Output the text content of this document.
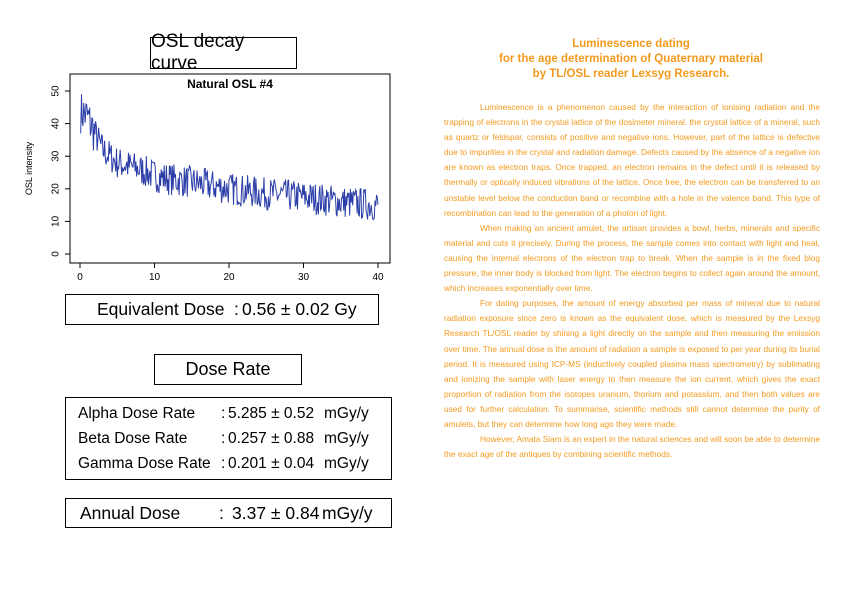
OSL decay curve
Natural OSL #4
OSL intensity
0
10
20
30
40
50
0	10	20	30	40
Equivalent Dose : 0.56 ± 0.02 Gy
Dose Rate
Alpha Dose Rate : 5.285 ± 0.52 mGy/y
Beta Dose Rate : 0.257 ± 0.88 mGy/y
Gamma Dose Rate : 0.201 ± 0.04 mGy/y
Annual Dose : 3.37 ± 0.84 mGy/y
Luminescence dating
for the age determination of Quaternary material
by TL/OSL reader Lexsyg Research.

Luminescence is a phenomenon caused by the interaction of ionising radiation and the trapping of electrons in the crystal lattice of the dosimeter mineral. the crystal lattice of a mineral, such as quartz or feldspar, consists of positive and negative ions. However, part of the lattice is defective due to impurities in the crystal and radiation damage. Defects caused by the absence of a negative ion are known as electron traps. Once trapped, an electron remains in the defect until it is released by thermally or optically induced vibrations of the lattice. Once free, the electron can be transferred to an unstable level below the conduction band or recombine with a hole in the valence band. This type of recombination can lead to the generation of a photon of light.

When making an ancient amulet, the artisan provides a bowl, herbs, minerals and specific material and cuts it precisely. During the process, the sample comes into contact with light and heat, causing the internal electrons of the electron trap to break. When the sample is in the fixed blog pressure, the inner body is blocked from light. The electron begins to collect again around the amount, which increases exponentially over time.

For dating purposes, the amount of energy absorbed per mass of mineral due to natural radiation exposure since zero is known as the equivalent dose, which is measured by the Lexsyg Research TL/OSL reader by shining a light directly on the sample and then measuring the emission over time. The annual dose is the amount of radiation a sample is exposed to per year during its burial period. It is measured using ICP-MS (inductively coupled plasma mass spectrometry) by sublimating and ionizing the sample with laser energy to then measure the ion current, which gives the exact proportion of radiation from the isotopes uranium, thorium and potassium, and then both values are used for further calculation. To summarise, scientific methods still cannot determine the purity of amulets, but they can determine how long ago they were made.

However, Amata Siam is an expert in the natural sciences and will soon be able to determine the exact age of the antiques by combining scientific methods.
